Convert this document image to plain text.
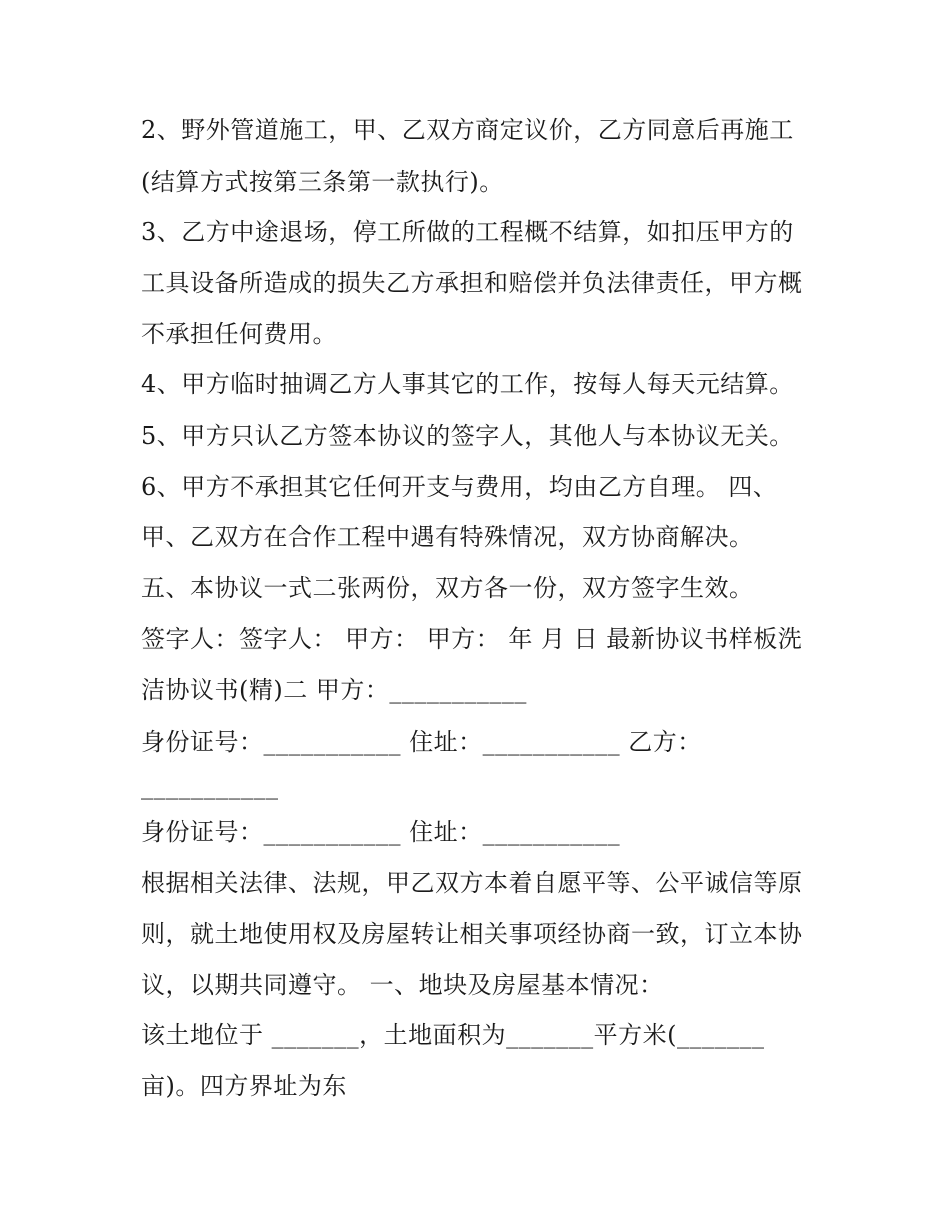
2、野外管道施工，甲、乙双方商定议价，乙方同意后再施工
(结算方式按第三条第一款执行)。
3、乙方中途退场，停工所做的工程概不结算，如扣压甲方的
工具设备所造成的损失乙方承担和赔偿并负法律责任，甲方概
不承担任何费用。
4、甲方临时抽调乙方人事其它的工作，按每人每天元结算。
5、甲方只认乙方签本协议的签字人，其他人与本协议无关。
6、甲方不承担其它任何开支与费用，均由乙方自理。 四、
甲、乙双方在合作工程中遇有特殊情况，双方协商解决。
五、本协议一式二张两份，双方各一份，双方签字生效。
签字人：签字人： 甲方： 甲方： 年 月 日 最新协议书样板洗
洁协议书(精)二 甲方：___________
身份证号：___________ 住址：___________ 乙方：
___________
身份证号：___________ 住址：___________
根据相关法律、法规，甲乙双方本着自愿平等、公平诚信等原
则，就土地使用权及房屋转让相关事项经协商一致，订立本协
议，以期共同遵守。 一、地块及房屋基本情况：
该土地位于 _______，土地面积为_______平方米(_______
亩)。四方界址为东
